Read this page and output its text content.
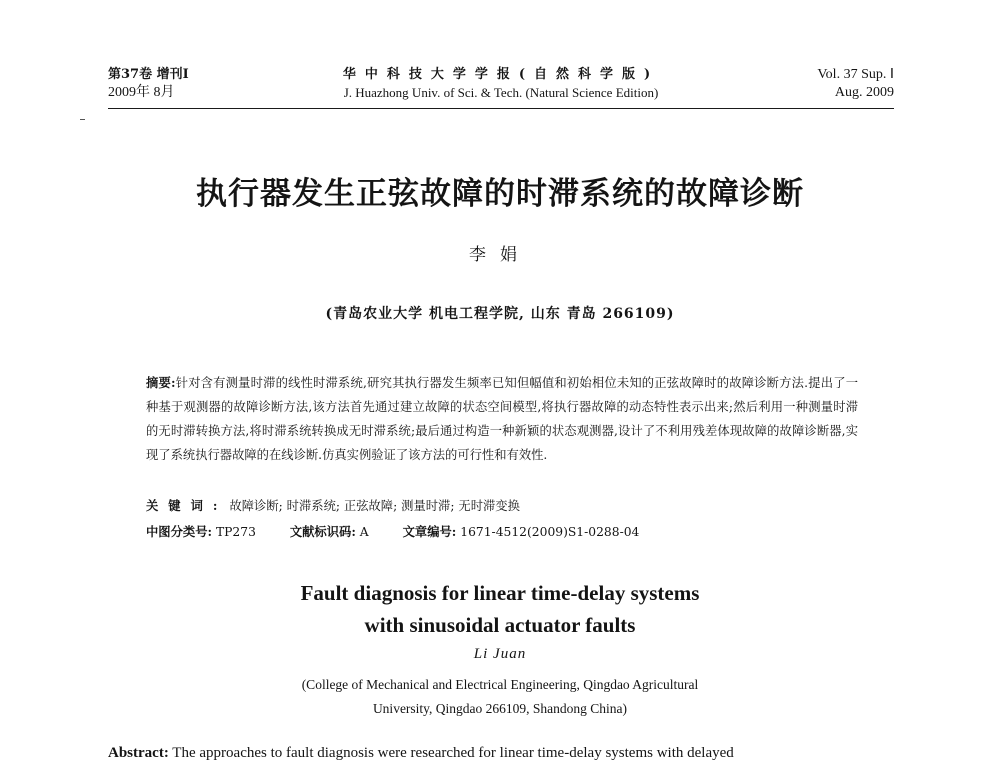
第37卷 增刊Ⅰ
2009年 8月
华中科技大学学报(自然科学版)
J. Huazhong Univ. of Sci. & Tech. (Natural Science Edition)
Vol. 37 Sup. Ⅰ
Aug. 2009
执行器发生正弦故障的时滞系统的故障诊断
李娟
(青岛农业大学 机电工程学院, 山东 青岛 266109)
摘要:针对含有测量时滞的线性时滞系统,研究其执行器发生频率已知但幅值和初始相位未知的正弦故障时的故障诊断方法.提出了一种基于观测器的故障诊断方法,该方法首先通过建立故障的状态空间模型,将执行器故障的动态特性表示出来;然后利用一种测量时滞的无时滞转换方法,将时滞系统转换成无时滞系统;最后通过构造一种新颖的状态观测器,设计了不利用残差体现故障的故障诊断器,实现了系统执行器故障的在线诊断.仿真实例验证了该方法的可行性和有效性.
关键词: 故障诊断; 时滞系统; 正弦故障; 测量时滞; 无时滞变换
中图分类号: TP273	文献标识码: A	文章编号: 1671-4512(2009)S1-0288-04
Fault diagnosis for linear time-delay systems
with sinusoidal actuator faults
Li Juan
(College of Mechanical and Electrical Engineering, Qingdao Agricultural
University, Qingdao 266109, Shandong China)
Abstract: The approaches to fault diagnosis were researched for linear time-delay systems with delayed
